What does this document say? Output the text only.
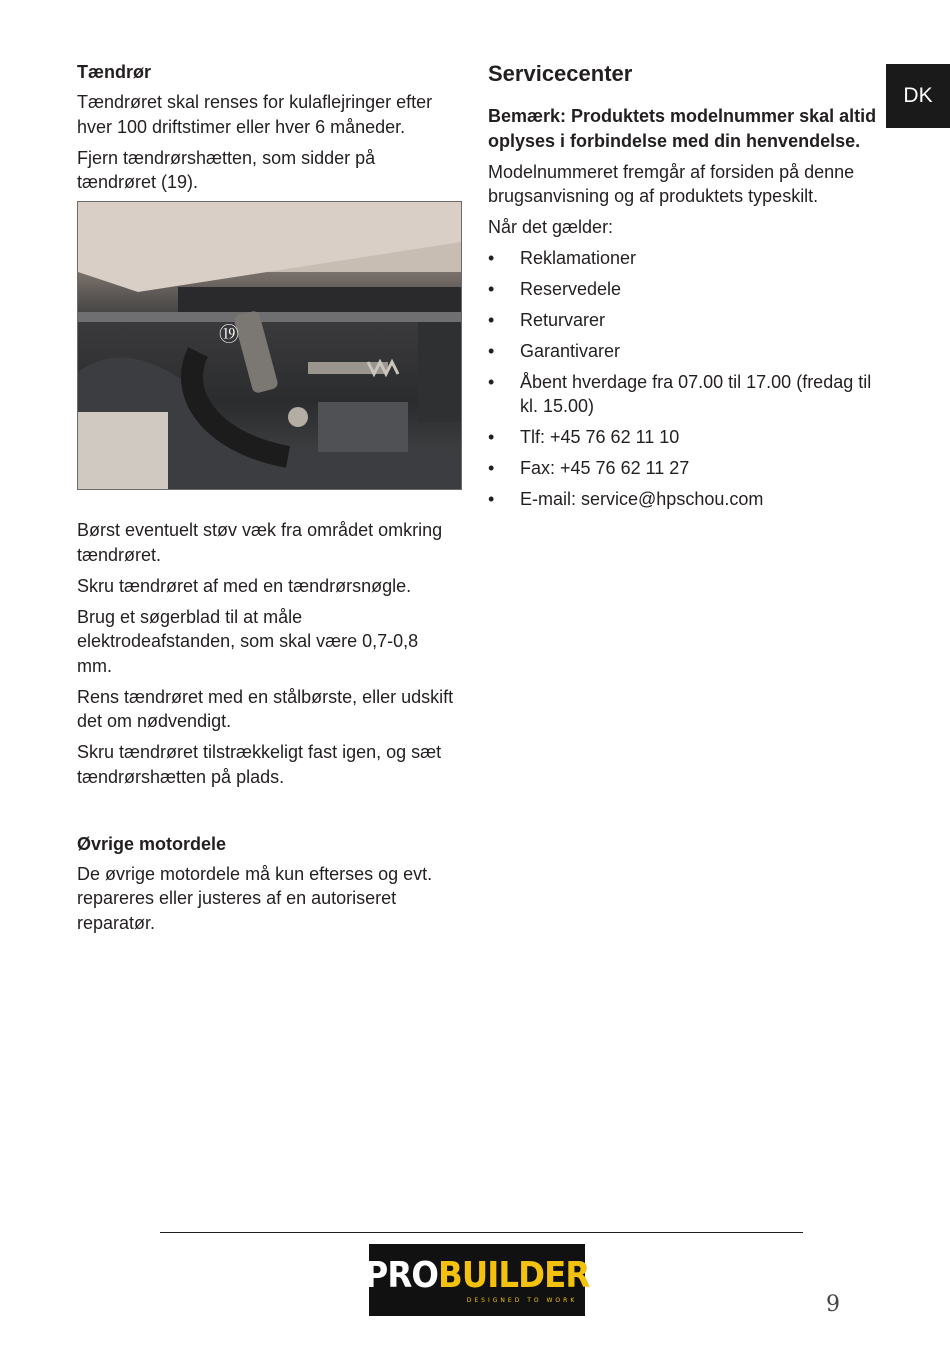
DK
Tændrør
Tændrøret skal renses for kulaflejringer efter hver 100 driftstimer eller hver 6 måneder.
Fjern tændrørshætten, som sidder på tændrøret (19).
⑲
Børst eventuelt støv væk fra området omkring tændrøret.
Skru tændrøret af med en tændrørsnøgle.
Brug et søgerblad til at måle elektrodeafstanden, som skal være 0,7-0,8 mm.
Rens tændrøret med en stålbørste, eller udskift det om nødvendigt.
Skru tændrøret tilstrækkeligt fast igen, og sæt tændrørshætten på plads.
Øvrige motordele
De øvrige motordele må kun efterses og evt. repareres eller justeres af en autoriseret reparatør.
Servicecenter
Bemærk: Produktets modelnummer skal altid oplyses i forbindelse med din henvendelse.
Modelnummeret fremgår af forsiden på denne brugsanvisning og af produktets typeskilt.
Når det gælder:
• Reklamationer
• Reservedele
• Returvarer
• Garantivarer
• Åbent hverdage fra 07.00 til 17.00 (fredag til kl. 15.00)
• Tlf: +45 76 62 11 10
• Fax: +45 76 62 11 27
• E-mail: service@hpschou.com
PROBUILDER
DESIGNED TO WORK	9
